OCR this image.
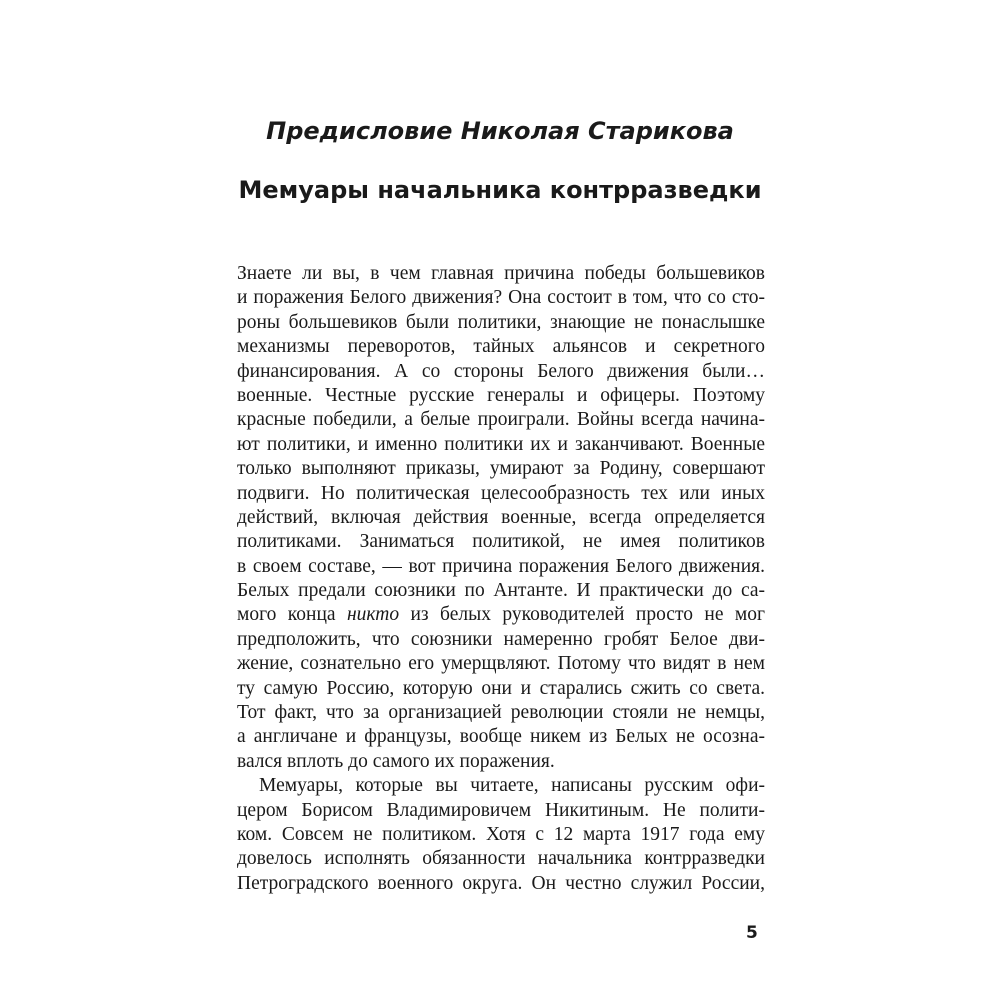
Предисловие Николая Старикова
Мемуары начальника контрразведки
Знаете ли вы, в чем главная причина победы большевиков
и поражения Белого движения? Она состоит в том, что со сто-
роны большевиков были политики, знающие не понаслышке
механизмы переворотов, тайных альянсов и секретного
финансирования. А со стороны Белого движения были…
военные. Честные русские генералы и офицеры. Поэтому
красные победили, а белые проиграли. Войны всегда начина-
ют политики, и именно политики их и заканчивают. Военные
только выполняют приказы, умирают за Родину, совершают
подвиги. Но политическая целесообразность тех или иных
действий, включая действия военные, всегда определяется
политиками. Заниматься политикой, не имея политиков
в своем составе, — вот причина поражения Белого движения.
Белых предали союзники по Антанте. И практически до са-
мого конца никто из белых руководителей просто не мог
предположить, что союзники намеренно гробят Белое дви-
жение, сознательно его умерщвляют. Потому что видят в нем
ту самую Россию, которую они и старались сжить со света.
Тот факт, что за организацией революции стояли не немцы,
а англичане и французы, вообще никем из Белых не осозна-
вался вплоть до самого их поражения.
Мемуары, которые вы читаете, написаны русским офи-
цером Борисом Владимировичем Никитиным. Не полити-
ком. Совсем не политиком. Хотя с 12 марта 1917 года ему
довелось исполнять обязанности начальника контрразведки
Петроградского военного округа. Он честно служил России,
5
